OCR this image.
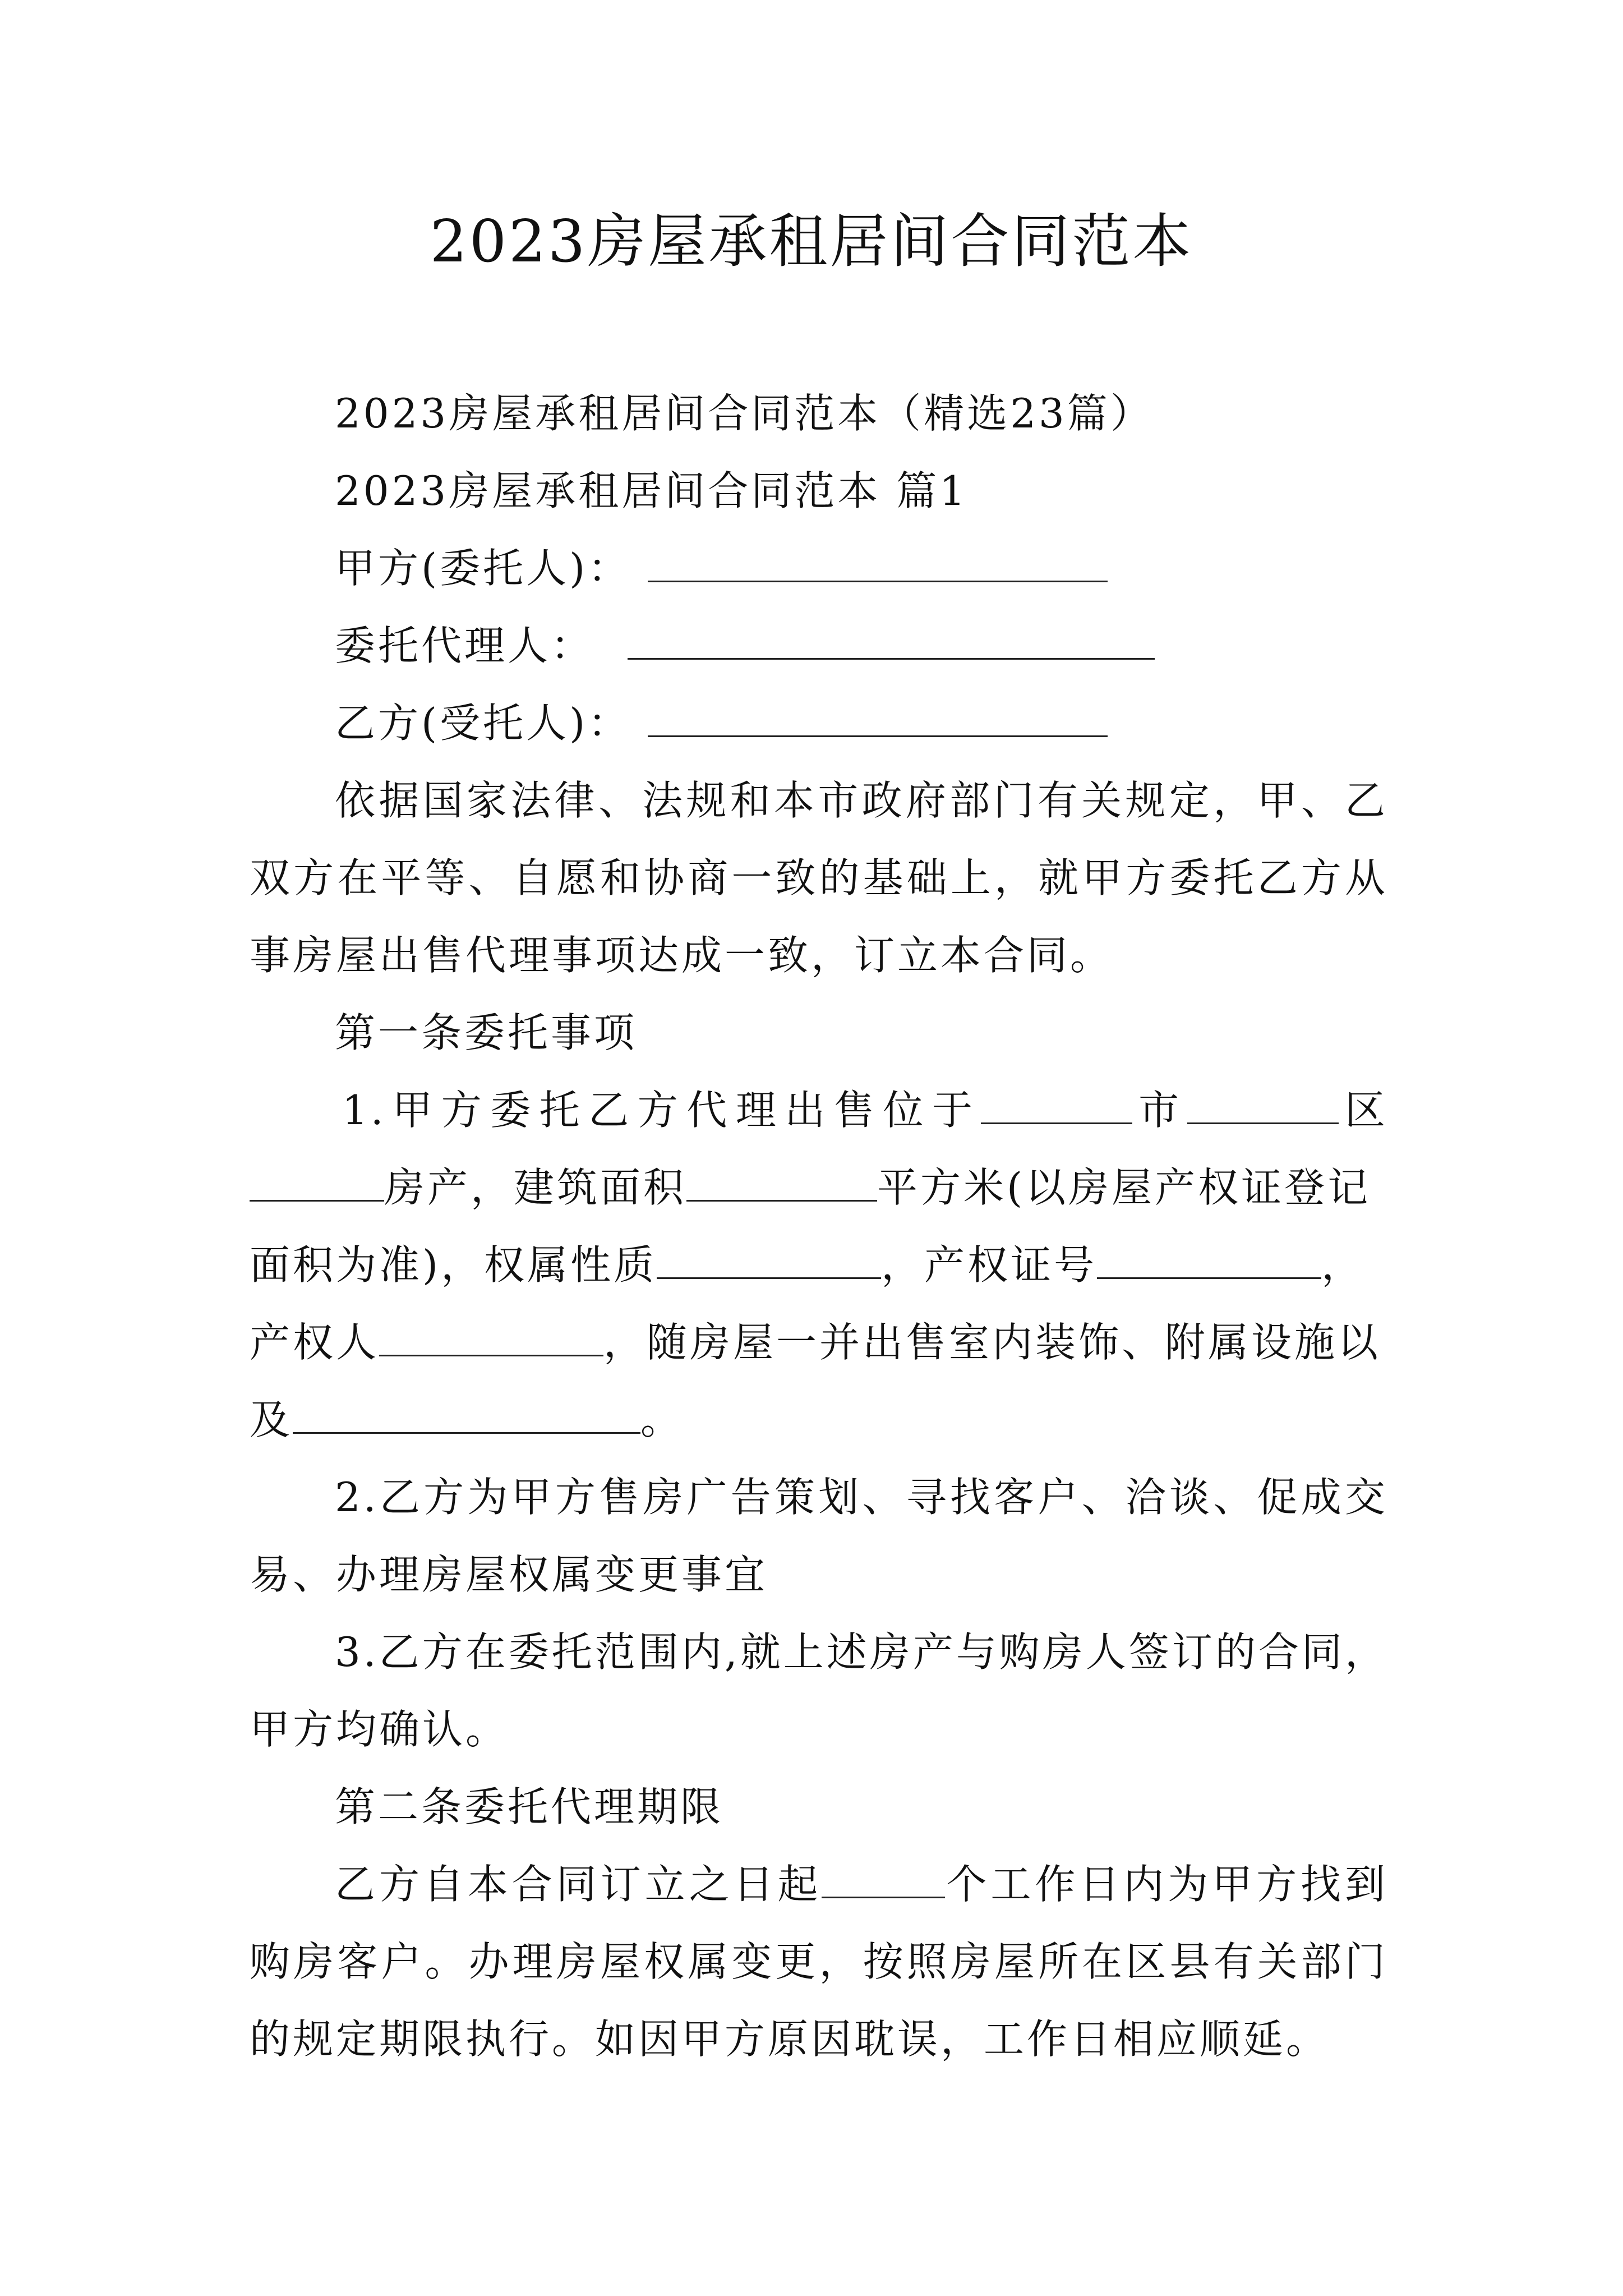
2023房屋承租居间合同范本
2023房屋承租居间合同范本（精选23篇）
2023房屋承租居间合同范本 篇1
甲方(委托人)：
委托代理人：
乙方(受托人)：
依据国家法律、法规和本市政府部门有关规定，甲、乙
双方在平等、自愿和协商一致的基础上，就甲方委托乙方从
事房屋出售代理事项达成一致，订立本合同。
第一条委托事项
1.甲方委托乙方代理出售位于	市	区
房产，建筑面积	平方米(以房屋产权证登记
面积为准)，权属性质	，产权证号	，
产权人	，随房屋一并出售室内装饰、附属设施以
及	。
2.乙方为甲方售房广告策划、寻找客户、洽谈、促成交
易、办理房屋权属变更事宜
3.乙方在委托范围内,就上述房产与购房人签订的合同，
甲方均确认。
第二条委托代理期限
乙方自本合同订立之日起	个工作日内为甲方找到
购房客户。办理房屋权属变更，按照房屋所在区县有关部门
的规定期限执行。如因甲方原因耽误，工作日相应顺延。
